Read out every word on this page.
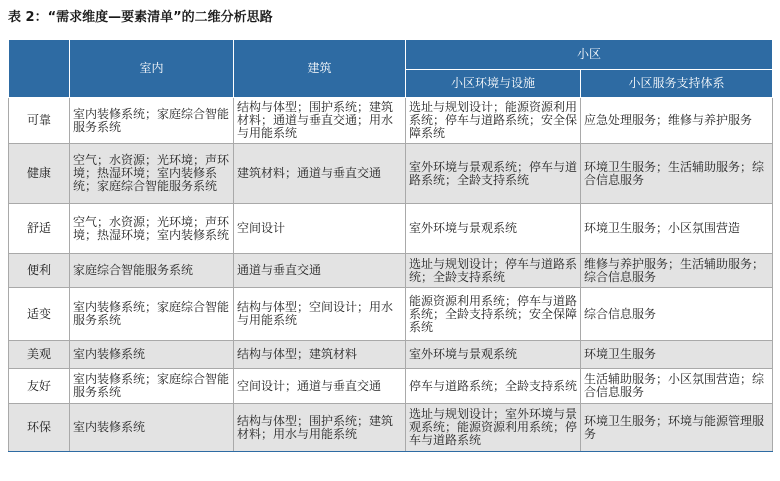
表 2：“需求维度—要素清单”的二维分析思路
	室内	建筑	小区	
			小区环境与设施	小区服务支持体系
可靠	室内装修系统；家庭综合智能服务系统	结构与体型；围护系统；建筑材料；通道与垂直交通；用水与用能系统	选址与规划设计；能源资源利用系统；停车与道路系统；安全保障系统	应急处理服务；维修与养护服务
健康	空气；水资源；光环境；声环境；热湿环境；室内装修系统；家庭综合智能服务系统	建筑材料；通道与垂直交通	室外环境与景观系统；停车与道路系统；全龄支持系统	环境卫生服务；生活辅助服务；综合信息服务
舒适	空气；水资源；光环境；声环境；热湿环境；室内装修系统	空间设计	室外环境与景观系统	环境卫生服务；小区氛围营造
便利	家庭综合智能服务系统	通道与垂直交通	选址与规划设计；停车与道路系统；全龄支持系统	维修与养护服务；生活辅助服务；综合信息服务
适变	室内装修系统；家庭综合智能服务系统	结构与体型；空间设计；用水与用能系统	能源资源利用系统；停车与道路系统；全龄支持系统；安全保障系统	综合信息服务
美观	室内装修系统	结构与体型；建筑材料	室外环境与景观系统	环境卫生服务
友好	室内装修系统；家庭综合智能服务系统	空间设计；通道与垂直交通	停车与道路系统；全龄支持系统	生活辅助服务；小区氛围营造；综合信息服务
环保	室内装修系统	结构与体型；围护系统；建筑材料；用水与用能系统	选址与规划设计；室外环境与景观系统；能源资源利用系统；停车与道路系统	环境卫生服务；环境与能源管理服务
